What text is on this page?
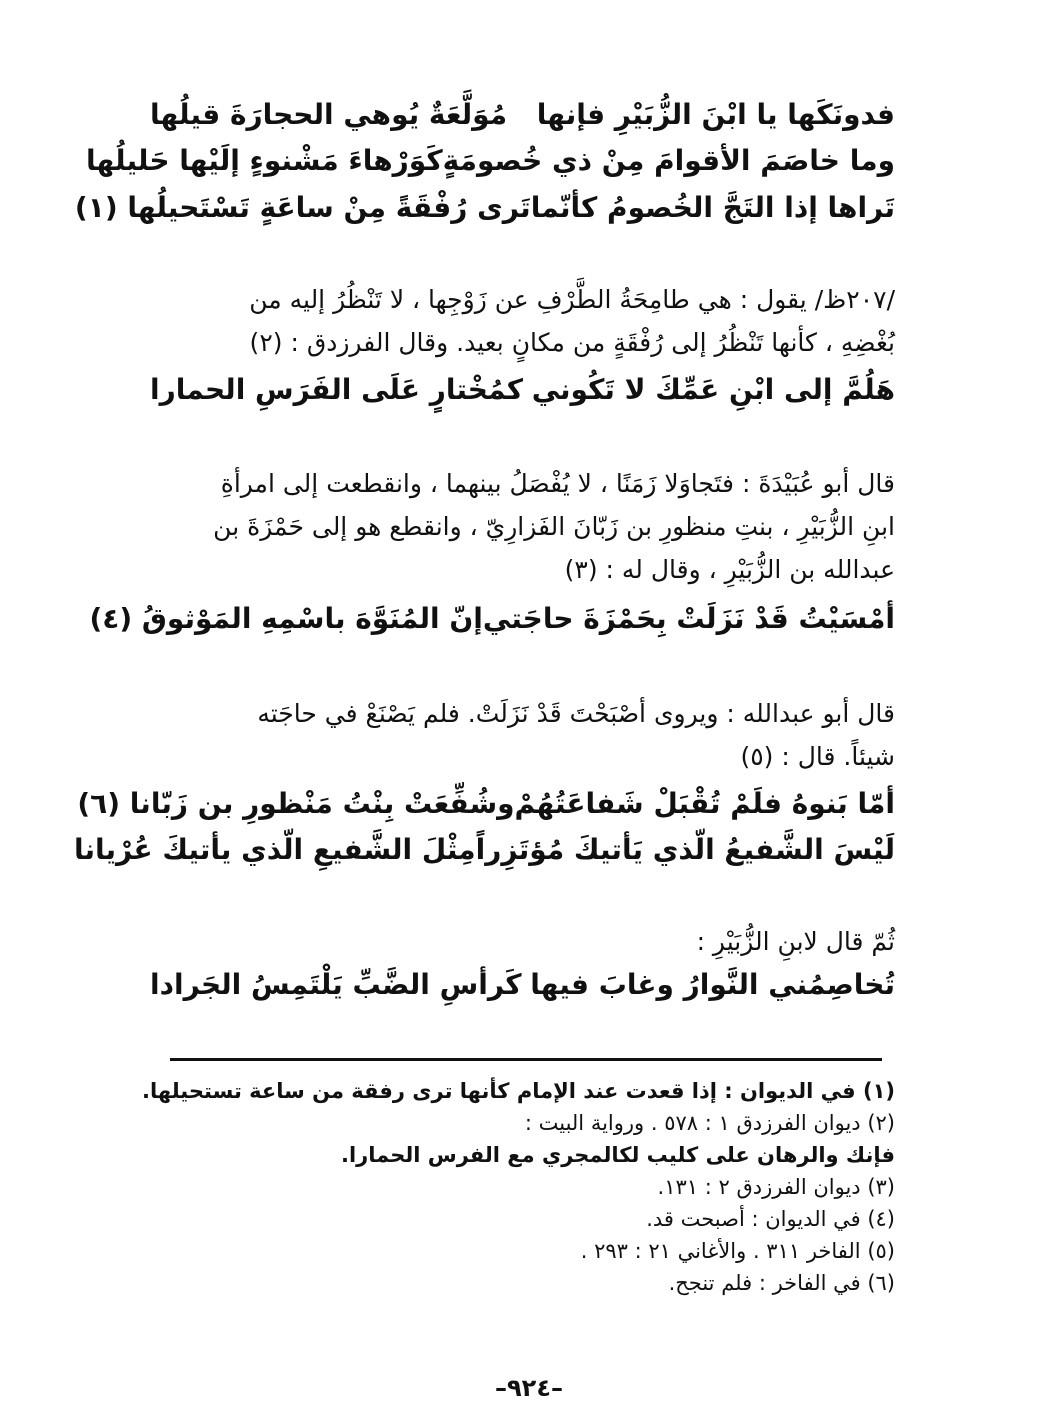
فدونَكَها يا ابْنَ الزُّبَيْرِ فإنها
مُوَلَّعَةٌ يُوهي الحجارَةَ قيلُها
وما خاصَمَ الأقوامَ مِنْ ذي خُصومَةٍ
كَوَرْهاءَ مَشْنوءٍ إلَيْها حَليلُها
تَراها إذا التَجَّ الخُصومُ كأنّما
تَرى رُفْقَةً مِنْ ساعَةٍ تَسْتَحيلُها (١)

/٢٠٧ظ/ يقول : هي طامِحَةُ الطَّرْفِ عن زَوْجِها ، لا تَنْظُرُ إليه من

بُغْضِهِ ، كأنها تَنْظُرُ إلى رُفْقَةٍ من مكانٍ بعيد. وقال الفرزدق : (٢)

هَلُمَّ إلى ابْنِ عَمِّكَ لا تَكُوني
كمُخْتارٍ عَلَى الفَرَسِ الحمارا

قال أبو عُبَيْدَةَ : فتَجاوَلا زَمَنًا ، لا يُفْصَلُ بينهما ، وانقطعت إلى امرأةِ

ابنِ الزُّبَيْرِ ، بنتِ منظورِ بن زَبّانَ الفَزارِيّ ، وانقطع هو إلى حَمْزَةَ بن

عبدالله بن الزُّبَيْرِ ، وقال له : (٣)

أمْسَيْتُ قَدْ نَزَلَتْ بِحَمْزَةَ حاجَتي
إنّ المُنَوَّهَ باسْمِهِ المَوْثوقُ (٤)

قال أبو عبدالله : ويروى أصْبَحْتَ قَدْ نَزَلَتْ. فلم يَصْنَعْ في حاجَته

شيئاً. قال : (٥)

أمّا بَنوهُ فلَمْ تُقْبَلْ شَفاعَتُهُمْ
وشُفِّعَتْ بِنْتُ مَنْظورِ بن زَبّانا (٦)
لَيْسَ الشَّفيعُ الّذي يَأتيكَ مُؤتَزِراً
مِثْلَ الشَّفيعِ الّذي يأتيكَ عُرْيانا

ثُمّ قال لابنِ الزُّبَيْرِ :

تُخاصِمُني النَّوارُ وغابَ فيها
كَرأسِ الضَّبِّ يَلْتَمِسُ الجَرادا
(١) في الديوان : إذا قعدت عند الإمام كأنها ترى رفقة من ساعة تستحيلها.
(٢) ديوان الفرزدق ١ : ٥٧٨ . ورواية البيت :
فإنك والرهان على كليب لكالمجري مع الفرس الحمارا.
(٣) ديوان الفرزدق ٢ : ١٣١.
(٤) في الديوان : أصبحت قد.
(٥) الفاخر ٣١١ . والأغاني ٢١ : ٢٩٣ .
(٦) في الفاخر : فلم تنجح.
–٩٢٤–
